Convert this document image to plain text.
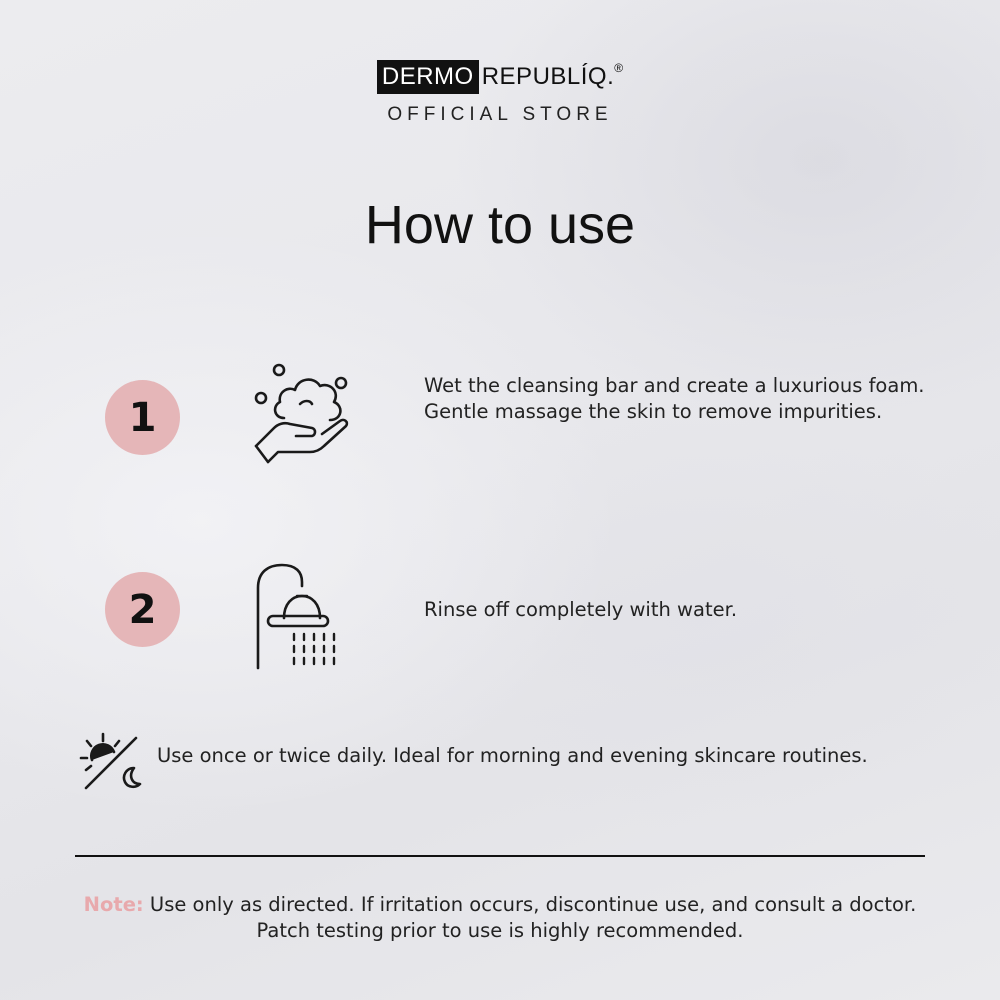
DERMO REPUBLÍQ. ®
OFFICIAL STORE
How to use
1
Wet the cleansing bar and create a luxurious foam. Gentle massage the skin to remove impurities.
2	Rinse off completely with water.
Use once or twice daily. Ideal for morning and evening skincare routines.
Note: Use only as directed. If irritation occurs, discontinue use, and consult a doctor.
Patch testing prior to use is highly recommended.
